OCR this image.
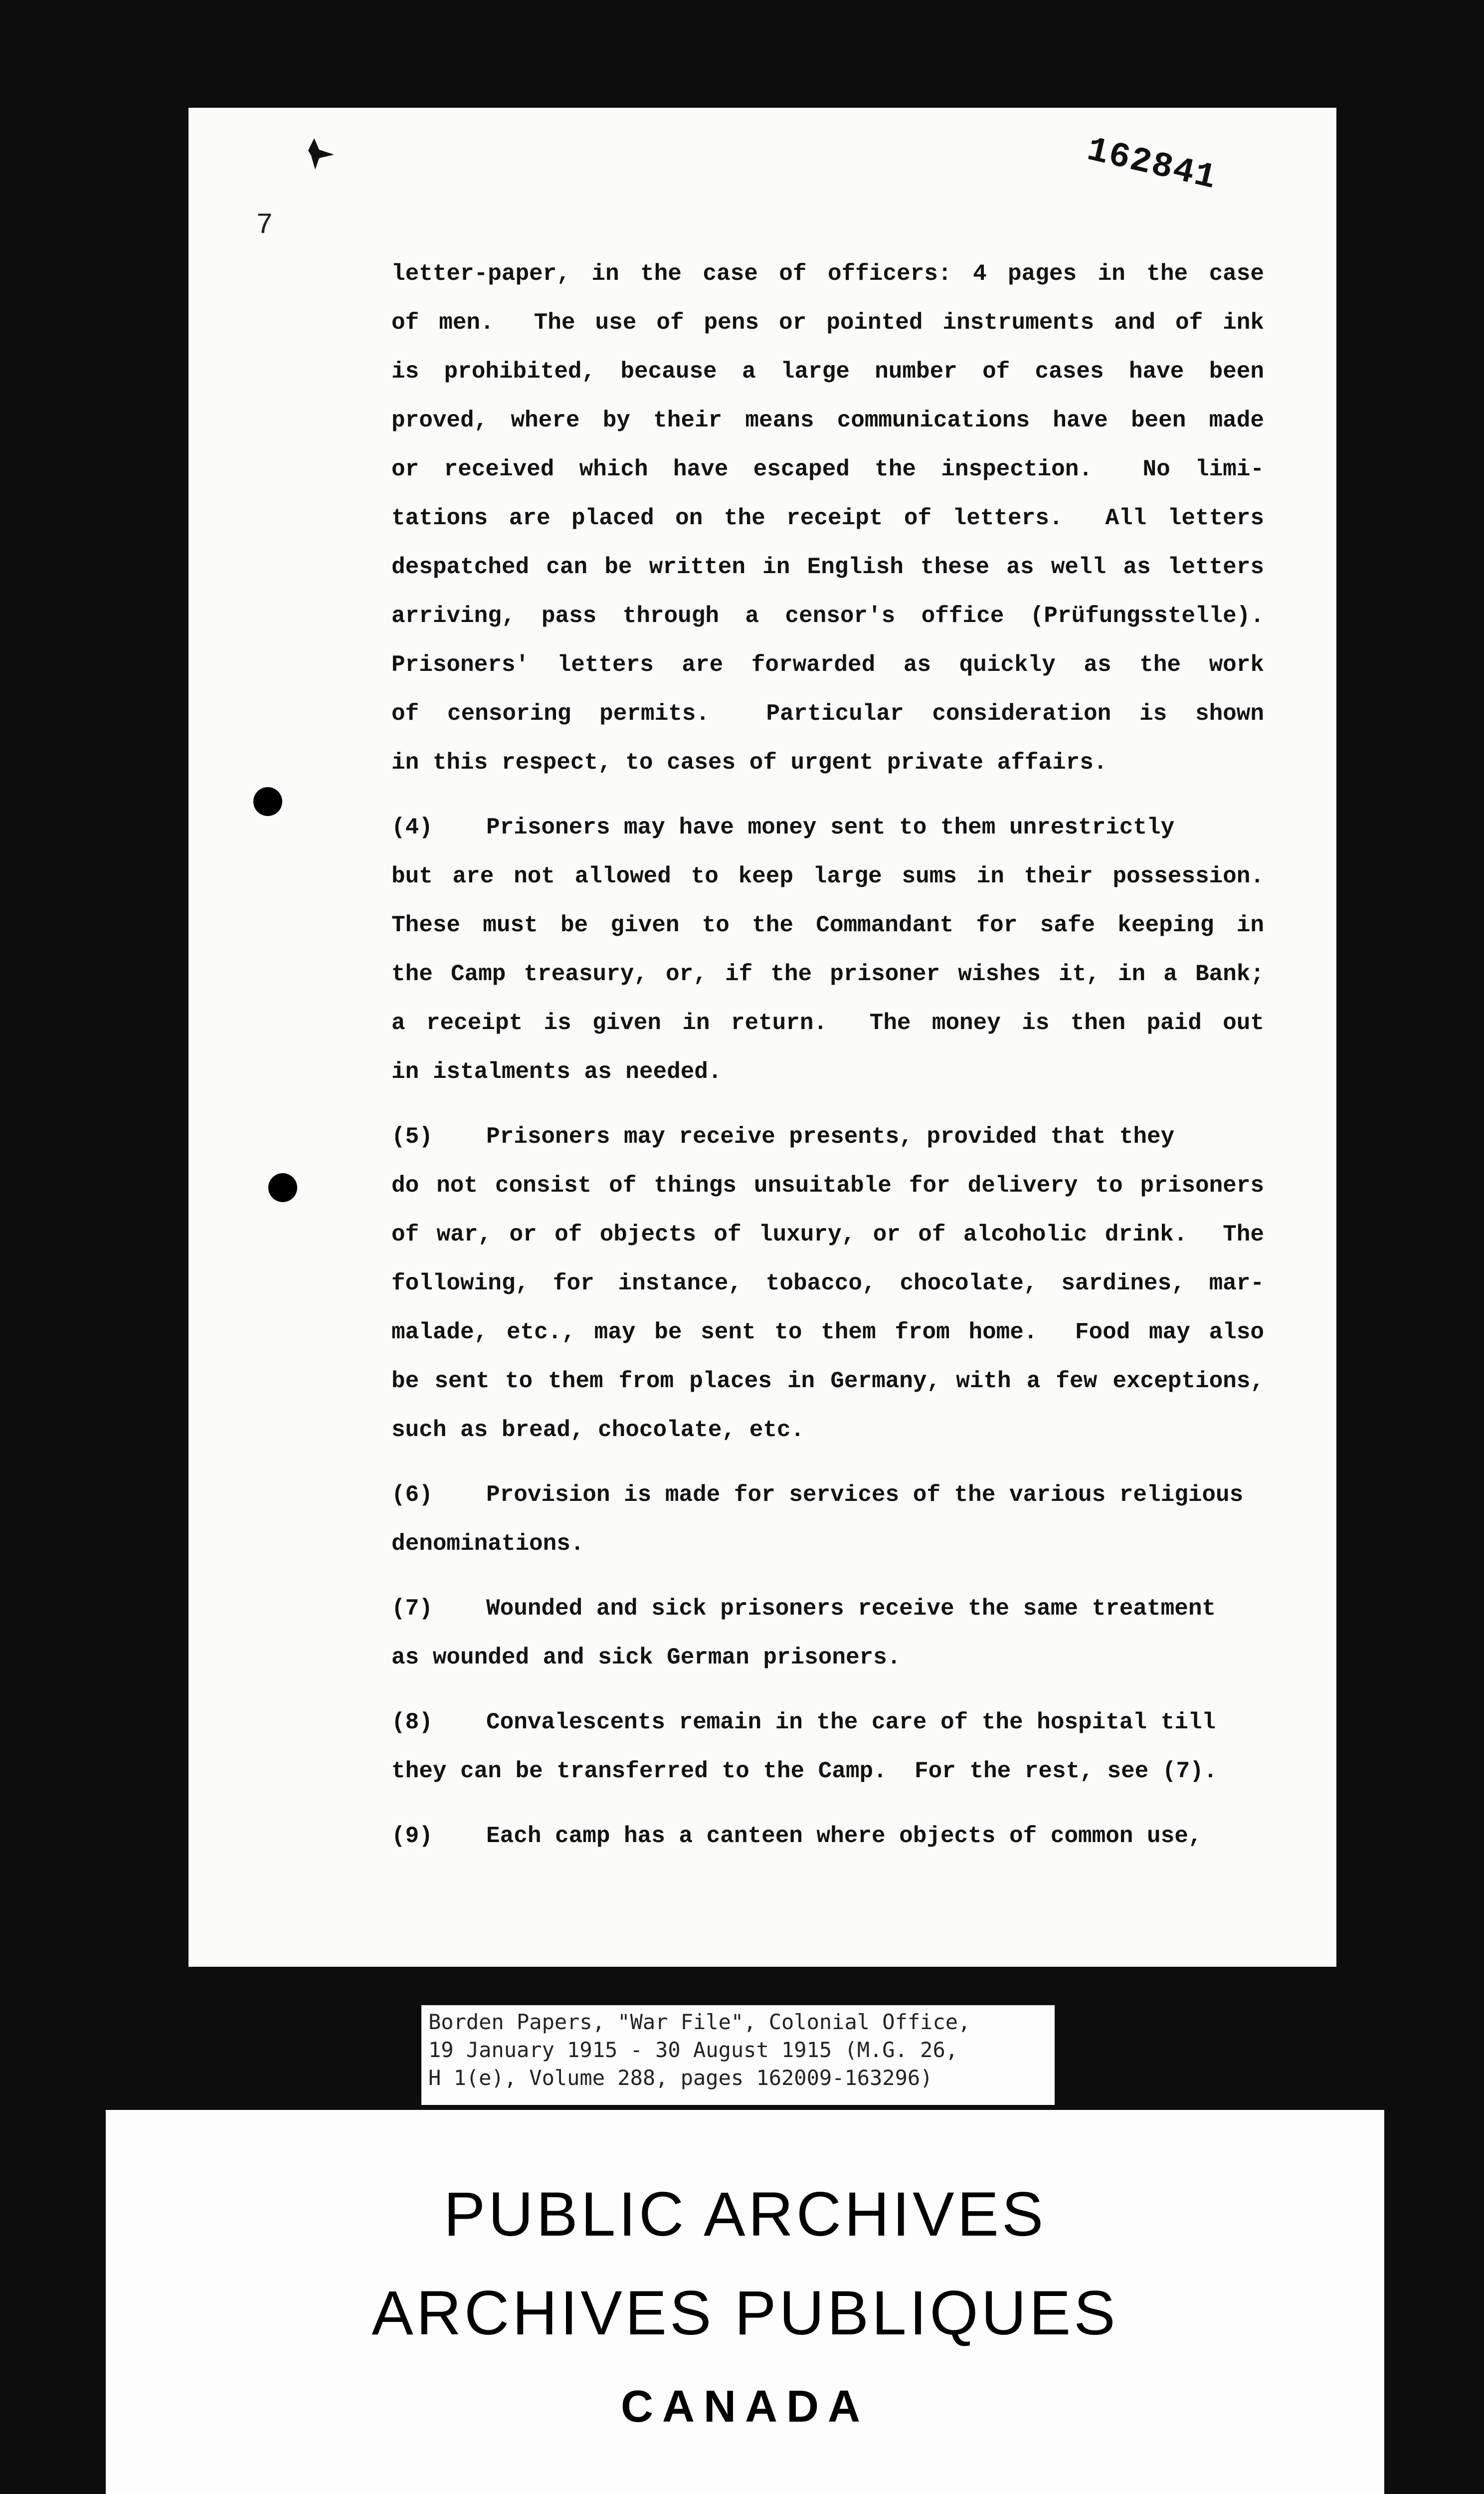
7
162841
letter-paper, in the case of officers: 4 pages in the case
of men.  The use of pens or pointed instruments and of ink
is prohibited, because a large number of cases have been
proved, where by their means communications have been made
or received which have escaped the inspection.  No limi-
tations are placed on the receipt of letters.  All letters
despatched can be written in English these as well as letters
arriving, pass through a censor's office (Prüfungsstelle).
Prisoners' letters are forwarded as quickly as the work
of censoring permits.  Particular consideration is shown
in this respect, to cases of urgent private affairs.
(4) Prisoners may have money sent to them unrestrictly
but are not allowed to keep large sums in their possession.
These must be given to the Commandant for safe keeping in
the Camp treasury, or, if the prisoner wishes it, in a Bank;
a receipt is given in return.  The money is then paid out
in istalments as needed.
(5) Prisoners may receive presents, provided that they
do not consist of things unsuitable for delivery to prisoners
of war, or of objects of luxury, or of alcoholic drink.  The
following, for instance, tobacco, chocolate, sardines, mar-
malade, etc., may be sent to them from home.  Food may also
be sent to them from places in Germany, with a few exceptions,
such as bread, chocolate, etc.
(6) Provision is made for services of the various religious
denominations.
(7) Wounded and sick prisoners receive the same treatment
as wounded and sick German prisoners.
(8) Convalescents remain in the care of the hospital till
they can be transferred to the Camp.  For the rest, see (7).
(9) Each camp has a canteen where objects of common use,
Borden Papers, "War File", Colonial Office,
19 January 1915 - 30 August 1915 (M.G. 26,
H 1(e), Volume 288, pages 162009-163296)
PUBLIC ARCHIVES
ARCHIVES PUBLIQUES
CANADA
